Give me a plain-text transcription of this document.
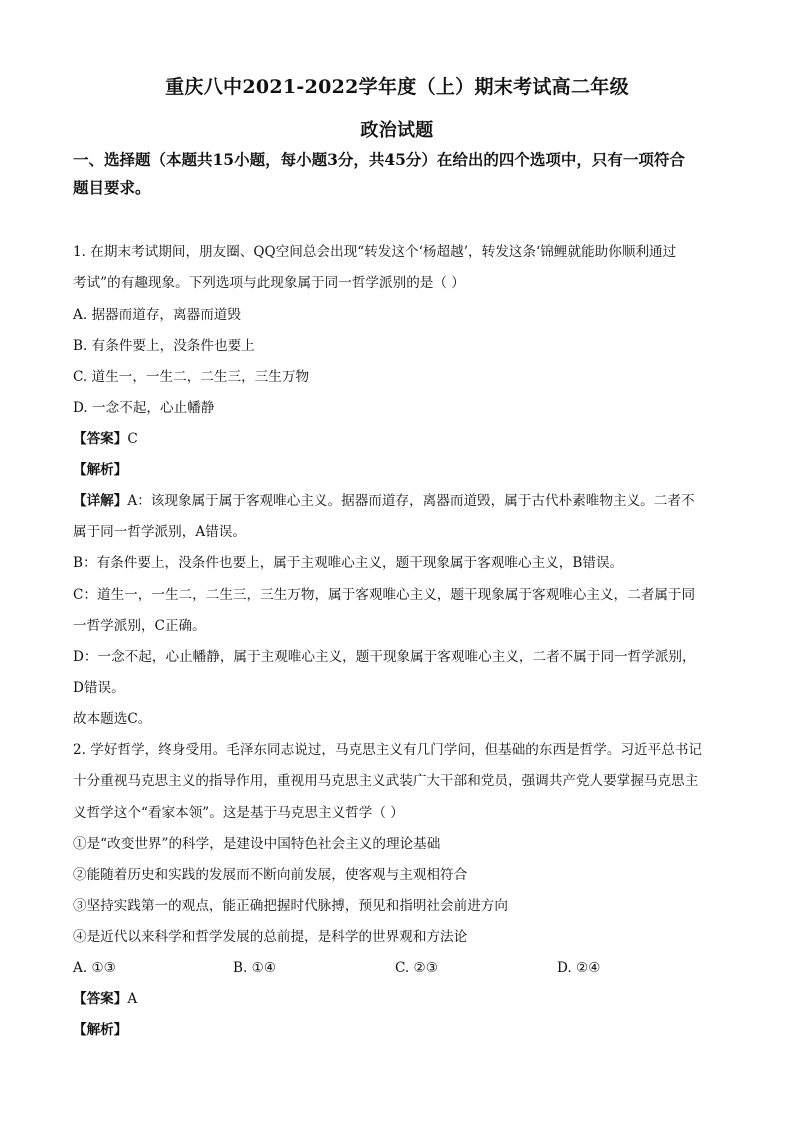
重庆八中2021-2022学年度（上）期末考试高二年级
政治试题
一、选择题（本题共15小题，每小题3分，共45分）在给出的四个选项中，只有一项符合
题目要求。
1. 在期末考试期间，朋友圈、QQ空间总会出现“转发这个‘杨超越’，转发这条‘锦鲤就能助你顺利通过
考试”的有趣现象。下列选项与此现象属于同一哲学派别的是（ ）
A. 据器而道存，离器而道毁
B. 有条件要上，没条件也要上
C. 道生一，一生二，二生三，三生万物
D. 一念不起，心止幡静
【答案】C
【解析】
【详解】A：该现象属于属于客观唯心主义。据器而道存，离器而道毁，属于古代朴素唯物主义。二者不
属于同一哲学派别，A错误。
B：有条件要上，没条件也要上，属于主观唯心主义，题干现象属于客观唯心主义，B错误。
C：道生一，一生二，二生三，三生万物，属于客观唯心主义，题干现象属于客观唯心主义，二者属于同
一哲学派别，C正确。
D：一念不起，心止幡静，属于主观唯心主义，题干现象属于客观唯心主义，二者不属于同一哲学派别，
D错误。
故本题选C。
2. 学好哲学，终身受用。毛泽东同志说过，马克思主义有几门学问，但基础的东西是哲学。习近平总书记
十分重视马克思主义的指导作用，重视用马克思主义武装广大干部和党员，强调共产党人要掌握马克思主
义哲学这个“看家本领”。这是基于马克思主义哲学（ ）
①是“改变世界”的科学，是建设中国特色社会主义的理论基础
②能随着历史和实践的发展而不断向前发展，使客观与主观相符合
③坚持实践第一的观点，能正确把握时代脉搏，预见和指明社会前进方向
④是近代以来科学和哲学发展的总前提，是科学的世界观和方法论
A. ①③	B. ①④	C. ②③	D. ②④
【答案】A
【解析】
